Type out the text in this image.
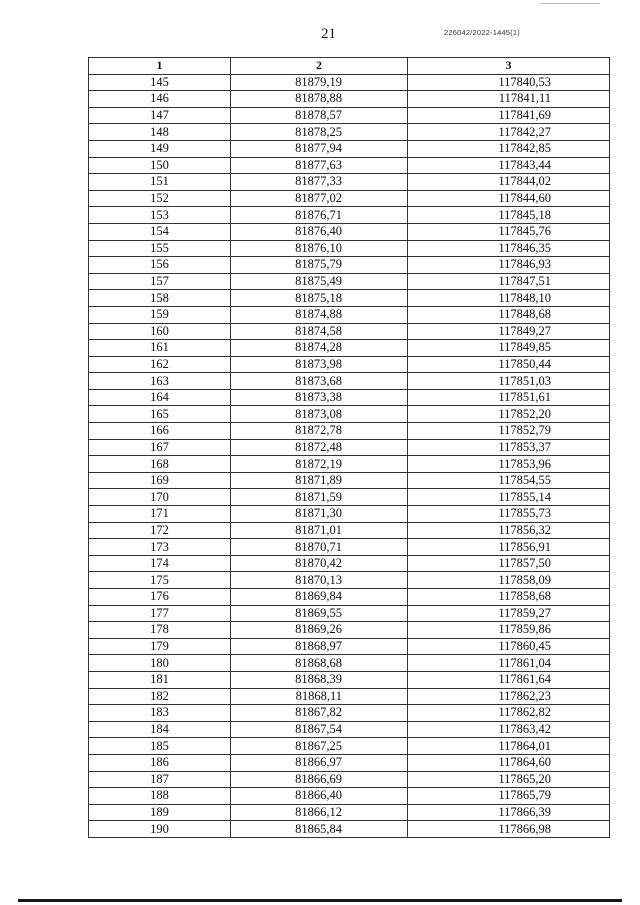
21	226042/2022-1445(1)
1	2	3
145	81879,19	117840,53
146	81878,88	117841,11
147	81878,57	117841,69
148	81878,25	117842,27
149	81877,94	117842,85
150	81877,63	117843,44
151	81877,33	117844,02
152	81877,02	117844,60
153	81876,71	117845,18
154	81876,40	117845,76
155	81876,10	117846,35
156	81875,79	117846,93
157	81875,49	117847,51
158	81875,18	117848,10
159	81874,88	117848,68
160	81874,58	117849,27
161	81874,28	117849,85
162	81873,98	117850,44
163	81873,68	117851,03
164	81873,38	117851,61
165	81873,08	117852,20
166	81872,78	117852,79
167	81872,48	117853,37
168	81872,19	117853,96
169	81871,89	117854,55
170	81871,59	117855,14
171	81871,30	117855,73
172	81871,01	117856,32
173	81870,71	117856,91
174	81870,42	117857,50
175	81870,13	117858,09
176	81869,84	117858,68
177	81869,55	117859,27
178	81869,26	117859,86
179	81868,97	117860,45
180	81868,68	117861,04
181	81868,39	117861,64
182	81868,11	117862,23
183	81867,82	117862,82
184	81867,54	117863,42
185	81867,25	117864,01
186	81866,97	117864,60
187	81866,69	117865,20
188	81866,40	117865,79
189	81866,12	117866,39
190	81865,84	117866,98
